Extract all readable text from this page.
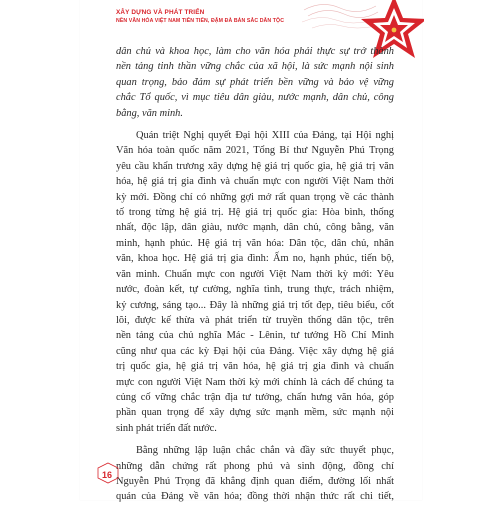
XÂY DỰNG VÀ PHÁT TRIỂN
NỀN VĂN HÓA VIỆT NAM TIÊN TIẾN, ĐẬM ĐÀ BẢN SẮC DÂN TỘC

dân chủ và khoa học, làm cho văn hóa phải thực sự trở thành
nền tảng tinh thần vững chắc của xã hội, là sức mạnh nội sinh
quan trọng, bảo đảm sự phát triển bền vững và bảo vệ vững
chắc Tổ quốc, vì mục tiêu dân giàu, nước mạnh, dân chủ, công
bằng, văn minh.

Quán triệt Nghị quyết Đại hội XIII của Đảng, tại Hội nghị
Văn hóa toàn quốc năm 2021, Tổng Bí thư Nguyễn Phú Trọng
yêu cầu khẩn trương xây dựng hệ giá trị quốc gia, hệ giá trị văn
hóa, hệ giá trị gia đình và chuẩn mực con người Việt Nam thời
kỳ mới. Đồng chí có những gợi mở rất quan trọng về các thành
tố trong từng hệ giá trị. Hệ giá trị quốc gia: Hòa bình, thống
nhất, độc lập, dân giàu, nước mạnh, dân chủ, công bằng, văn
minh, hạnh phúc. Hệ giá trị văn hóa: Dân tộc, dân chủ, nhân
văn, khoa học. Hệ giá trị gia đình: Ấm no, hạnh phúc, tiến bộ,
văn minh. Chuẩn mực con người Việt Nam thời kỳ mới: Yêu
nước, đoàn kết, tự cường, nghĩa tình, trung thực, trách nhiệm,
kỷ cương, sáng tạo... Đây là những giá trị tốt đẹp, tiêu biểu, cốt
lõi, được kế thừa và phát triển từ truyền thống dân tộc, trên
nền tảng của chủ nghĩa Mác - Lênin, tư tưởng Hồ Chí Minh
cũng như qua các kỳ Đại hội của Đảng. Việc xây dựng hệ giá
trị quốc gia, hệ giá trị văn hóa, hệ giá trị gia đình và chuẩn
mực con người Việt Nam thời kỳ mới chính là cách để chúng ta
củng cố vững chắc trận địa tư tưởng, chấn hưng văn hóa, góp
phần quan trọng để xây dựng sức mạnh mềm, sức mạnh nội
sinh phát triển đất nước.

Bằng những lập luận chắc chắn và đầy sức thuyết phục,
những dẫn chứng rất phong phú và sinh động, đồng chí
Nguyễn Phú Trọng đã khẳng định quan điểm, đường lối nhất
quán của Đảng về văn hóa; đồng thời nhận thức rất chi tiết,

16
